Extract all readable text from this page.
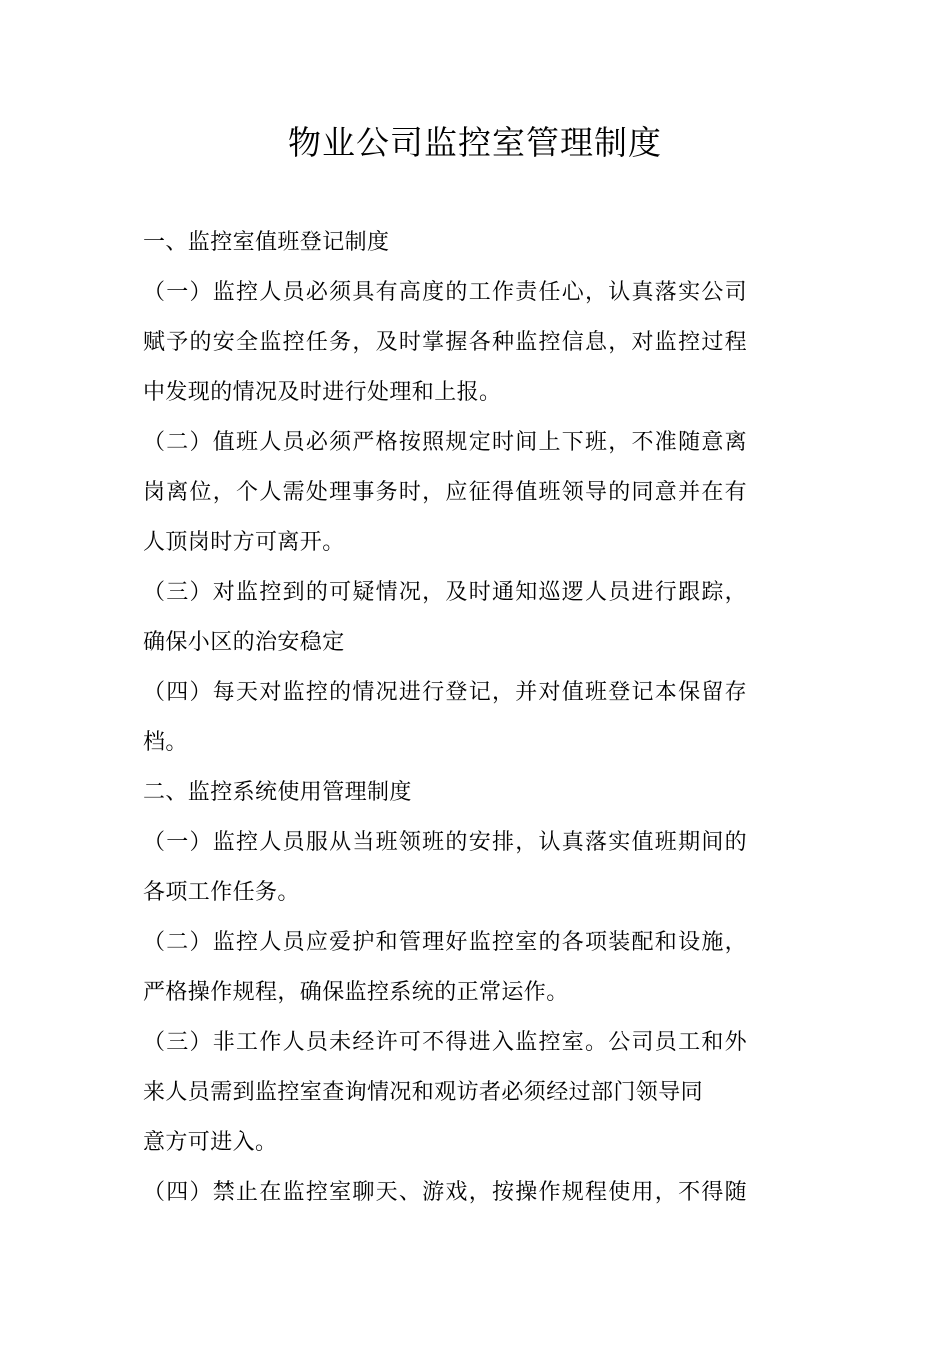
物业公司监控室管理制度
一、监控室值班登记制度
（一）监控人员必须具有高度的工作责任心，认真落实公司
赋予的安全监控任务，及时掌握各种监控信息，对监控过程
中发现的情况及时进行处理和上报。
（二）值班人员必须严格按照规定时间上下班，不准随意离
岗离位，个人需处理事务时，应征得值班领导的同意并在有
人顶岗时方可离开。
（三）对监控到的可疑情况，及时通知巡逻人员进行跟踪，
确保小区的治安稳定
（四）每天对监控的情况进行登记，并对值班登记本保留存
档。
二、监控系统使用管理制度
（一）监控人员服从当班领班的安排，认真落实值班期间的
各项工作任务。
（二）监控人员应爱护和管理好监控室的各项装配和设施，
严格操作规程，确保监控系统的正常运作。
（三）非工作人员未经许可不得进入监控室。公司员工和外
来人员需到监控室查询情况和观访者必须经过部门领导同
意方可进入。
（四）禁止在监控室聊天、游戏，按操作规程使用，不得随
